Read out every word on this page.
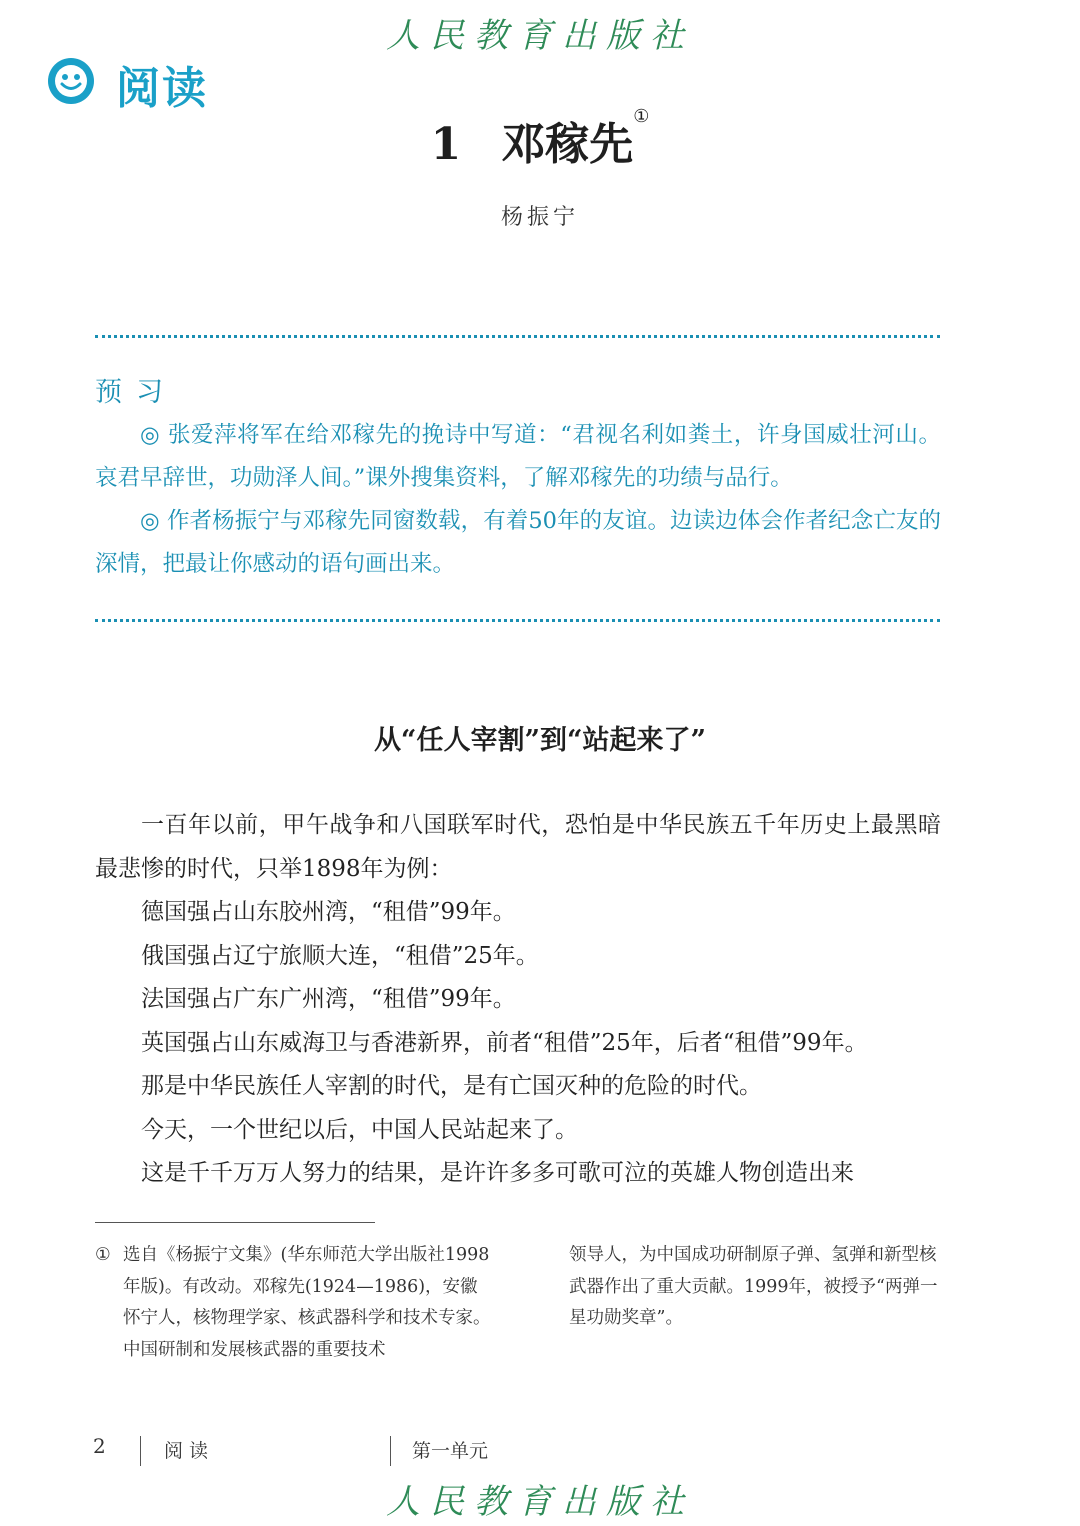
人民教育出版社
阅读
1 邓稼先①
杨振宁
预习
◎ 张爱萍将军在给邓稼先的挽诗中写道：“君视名利如粪土，许身国威壮河山。哀君早辞世，功勋泽人间。”课外搜集资料，了解邓稼先的功绩与品行。
◎ 作者杨振宁与邓稼先同窗数载，有着50年的友谊。边读边体会作者纪念亡友的深情，把最让你感动的语句画出来。
从“任人宰割”到“站起来了”

一百年以前，甲午战争和八国联军时代，恐怕是中华民族五千年历史上最黑暗最悲惨的时代，只举1898年为例：

德国强占山东胶州湾，“租借”99年。

俄国强占辽宁旅顺大连，“租借”25年。

法国强占广东广州湾，“租借”99年。

英国强占山东威海卫与香港新界，前者“租借”25年，后者“租借”99年。

那是中华民族任人宰割的时代，是有亡国灭种的危险的时代。

今天，一个世纪以后，中国人民站起来了。

这是千千万万人努力的结果，是许许多多可歌可泣的英雄人物创造出来

① 选自《杨振宁文集》(华东师范大学出版社1998年版)。有改动。邓稼先(1924—1986)，安徽怀宁人，核物理学家、核武器科学和技术专家。中国研制和发展核武器的重要技术
领导人，为中国成功研制原子弹、氢弹和新型核武器作出了重大贡献。1999年，被授予“两弹一星功勋奖章”。
2	阅读	第一单元
人民教育出版社
